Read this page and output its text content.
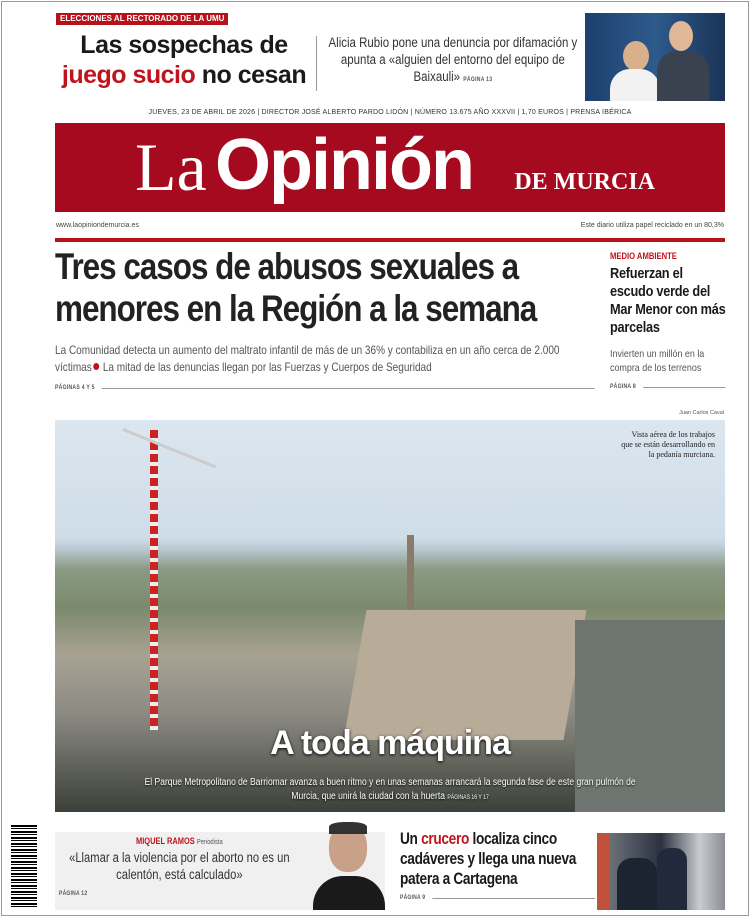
ELECCIONES AL RECTORADO DE LA UMU
Las sospechas de
juego sucio no cesan
Alicia Rubio pone una denuncia por difamación y apunta a «alguien del entorno del equipo de Baixauli» PÁGINA 13
JUEVES, 23 DE ABRIL DE 2026 | DIRECTOR JOSÉ ALBERTO PARDO LIDÓN | NÚMERO 13.675 AÑO XXXVII | 1,70 EUROS | PRENSA IBÉRICA
La Opinión DE MURCIA
www.laopiniondemurcia.es	Este diario utiliza papel reciclado en un 80,3%
Tres casos de abusos sexuales a menores en la Región a la semana
La Comunidad detecta un aumento del maltrato infantil de más de un 36% y contabiliza en un año cerca de 2.000 víctimas La mitad de las denuncias llegan por las Fuerzas y Cuerpos de Seguridad
PÁGINAS 4 Y 5
MEDIO AMBIENTE
Refuerzan el escudo verde del Mar Menor con más parcelas
Invierten un millón en la compra de los terrenos
PÁGINA 8
Juan Carlos Caval
Vista aérea de los trabajos que se están desarrollando en la pedanía murciana.
A toda máquina
El Parque Metropolitano de Barriomar avanza a buen ritmo y en unas semanas arrancará la segunda fase de este gran pulmón de Murcia, que unirá la ciudad con la huerta PÁGINAS 16 Y 17
MIQUEL RAMOS Periodista
«Llamar a la violencia por el aborto no es un calentón, está calculado»
PÁGINA 12
Un crucero localiza cinco cadáveres y llega una nueva patera a Cartagena
PÁGINA 9
